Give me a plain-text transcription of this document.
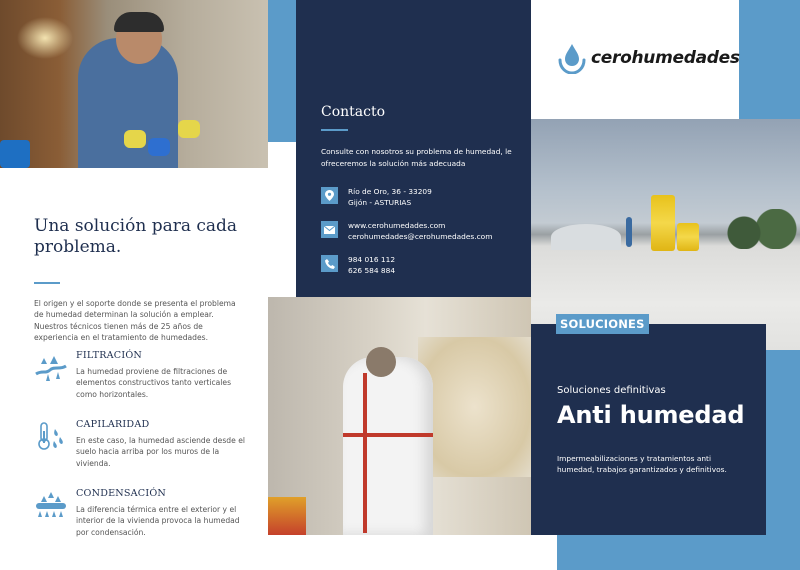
Una solución para cada problema.
El origen y el soporte donde se presenta el problema de humedad determinan la solución a emplear. Nuestros técnicos tienen más de 25 años de experiencia en el tratamiento de humedades.
FILTRACIÓN

La humedad proviene de filtraciones de elementos constructivos tanto verticales como horizontales.

CAPILARIDAD

En este caso, la humedad asciende desde el suelo hacia arriba por los muros de la vivienda.

CONDENSACIÓN

La diferencia térmica entre el exterior y el interior de la vivienda provoca la humedad por condensación.

Contacto
Consulte con nosotros su problema de humedad, le ofreceremos la solución más adecuada
Río de Oro, 36 - 33209
Gijón - ASTURIAS
www.cerohumedades.com
cerohumedades@cerohumedades.com
984 016 112
626 584 884
cerohumedades
SOLUCIONES
Soluciones definitivas
Anti humedad
Impermeabilizaciones y tratamientos anti humedad, trabajos garantizados y definitivos.
